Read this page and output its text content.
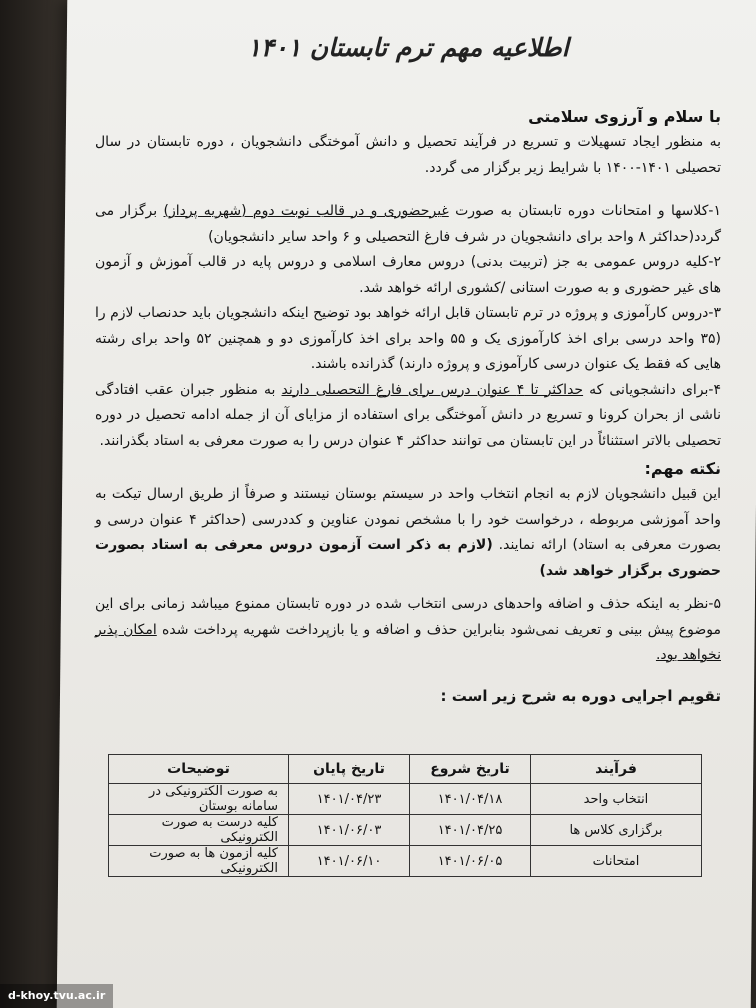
اطلاعیه مهم ترم تابستان ۱۴۰۱
با سلام و آرزوی سلامتی

به منظور ایجاد تسهیلات و تسریع در فرآیند تحصیل و دانش آموختگی دانشجویان ، دوره تابستان در سال تحصیلی ۱۴۰۱-۱۴۰۰ با شرایط زیر برگزار می گردد.

۱-کلاسها و امتحانات دوره تابستان به صورت غیرحضوری و در قالب نوبت دوم (شهریه پرداز) برگزار می گردد(حداکثر ۸ واحد برای دانشجویان در شرف فارغ التحصیلی و ۶ واحد سایر دانشجویان)

۲-کلیه دروس عمومی به جز (تربیت بدنی) دروس معارف اسلامی و دروس پایه در قالب آموزش و آزمون های غیر حضوری و به صورت استانی /کشوری ارائه خواهد شد.

۳-دروس کارآموزی و پروژه در ترم تابستان قابل ارائه خواهد بود توضیح اینکه دانشجویان باید حدنصاب لازم را (۳۵ واحد درسی برای اخذ کارآموزی یک و ۵۵ واحد برای اخذ کارآموزی دو و همچنین ۵۲ واحد برای رشته هایی که فقط یک عنوان درسی کارآموزی و پروژه دارند) گذرانده باشند.

۴-برای دانشجویانی که حداکثر تا ۴ عنوان درس برای فارغ التحصیلی دارند به منظور جبران عقب افتادگی ناشی از بحران کرونا و تسریع در دانش آموختگی برای استفاده از مزایای آن از جمله ادامه تحصیل در دوره تحصیلی بالاتر استثنائاً در این تابستان می توانند حداکثر ۴ عنوان درس را به صورت معرفی به استاد بگذرانند.

نکته مهم:

این قبیل دانشجویان لازم به انجام انتخاب واحد در سیستم بوستان نیستند و صرفاً از طریق ارسال تیکت به واحد آموزشی مربوطه ، درخواست خود را با مشخص نمودن عناوین و کددرسی (حداکثر ۴ عنوان درسی و بصورت معرفی به استاد) ارائه نمایند. (لازم به ذکر است آزمون دروس معرفی به استاد بصورت حضوری برگزار خواهد شد)

۵-نظر به اینکه حذف و اضافه واحدهای درسی انتخاب شده در دوره تابستان ممنوع میباشد زمانی برای این موضوع پیش بینی و تعریف نمی‌شود بنابراین حذف و اضافه و یا بازپرداخت شهریه پرداخت شده امکان پذیر نخواهد بود.

تقویم اجرایی دوره به شرح زیر است :
فرآیند	تاریخ شروع	تاریخ پایان	توضیحات
انتخاب واحد	۱۴۰۱/۰۴/۱۸	۱۴۰۱/۰۴/۲۳	به صورت الکترونیکی در سامانه بوستان
برگزاری کلاس ها	۱۴۰۱/۰۴/۲۵	۱۴۰۱/۰۶/۰۳	کلیه درست به صورت الکترونیکی
امتحانات	۱۴۰۱/۰۶/۰۵	۱۴۰۱/۰۶/۱۰	کلیه آزمون ها به صورت الکترونیکی
d-khoy.tvu.ac.ir
